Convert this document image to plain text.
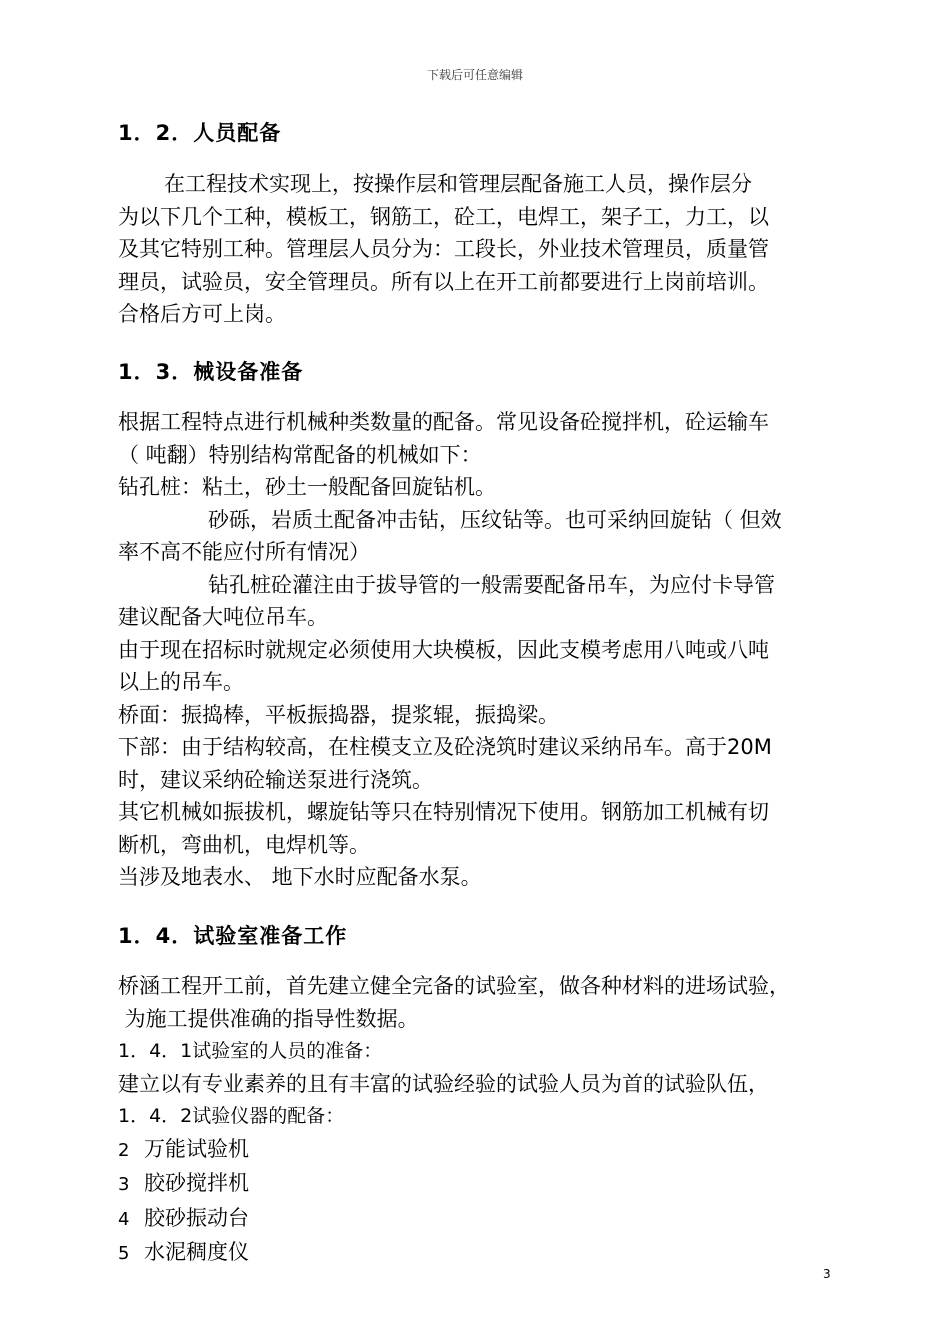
下载后可任意编辑
1．2．人员配备
在工程技术实现上，按操作层和管理层配备施工人员，操作层分
为以下几个工种，模板工，钢筋工，砼工，电焊工，架子工，力工，以
及其它特别工种。管理层人员分为：工段长，外业技术管理员，质量管
理员，试验员，安全管理员。所有以上在开工前都要进行上岗前培训。
合格后方可上岗。
1．3．械设备准备
根据工程特点进行机械种类数量的配备。常见设备砼搅拌机，砼运输车
（ 吨翻）特别结构常配备的机械如下：
钻孔桩：粘土，砂土一般配备回旋钻机。
砂砾，岩质土配备冲击钻，压纹钻等。也可采纳回旋钻（ 但效
率不高不能应付所有情况）
钻孔桩砼灌注由于拔导管的一般需要配备吊车，为应付卡导管
建议配备大吨位吊车。
由于现在招标时就规定必须使用大块模板，因此支模考虑用八吨或八吨
以上的吊车。
桥面：振捣棒，平板振捣器，提浆辊，振捣梁。
下部：由于结构较高，在柱模支立及砼浇筑时建议采纳吊车。高于20M
时，建议采纳砼输送泵进行浇筑。
其它机械如振拔机，螺旋钻等只在特别情况下使用。钢筋加工机械有切
断机，弯曲机，电焊机等。
当涉及地表水、 地下水时应配备水泵。
1．4．试验室准备工作
桥涵工程开工前，首先建立健全完备的试验室，做各种材料的进场试验，
为施工提供准确的指导性数据。
1．4．1试验室的人员的准备：
建立以有专业素养的且有丰富的试验经验的试验人员为首的试验队伍，
1．4．2试验仪器的配备：
2 万能试验机
3 胶砂搅拌机
4 胶砂振动台
5 水泥稠度仪
3
